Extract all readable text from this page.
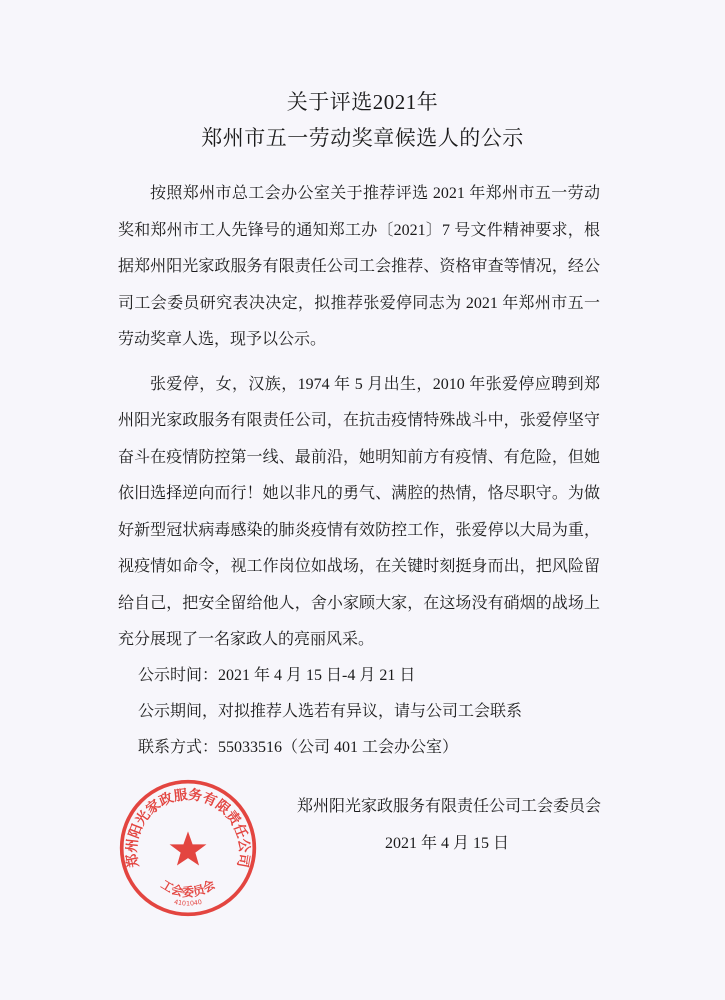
关于评选2021年
郑州市五一劳动奖章候选人的公示
按照郑州市总工会办公室关于推荐评选 2021 年郑州市五一劳动
奖和郑州市工人先锋号的通知郑工办〔2021〕7 号文件精神要求，根
据郑州阳光家政服务有限责任公司工会推荐、资格审查等情况，经公
司工会委员研究表决决定，拟推荐张爱停同志为 2021 年郑州市五一
劳动奖章人选，现予以公示。
张爱停，女，汉族，1974 年 5 月出生，2010 年张爱停应聘到郑
州阳光家政服务有限责任公司，在抗击疫情特殊战斗中，张爱停坚守
奋斗在疫情防控第一线、最前沿，她明知前方有疫情、有危险，但她
依旧选择逆向而行！她以非凡的勇气、满腔的热情，恪尽职守。为做
好新型冠状病毒感染的肺炎疫情有效防控工作，张爱停以大局为重，
视疫情如命令，视工作岗位如战场，在关键时刻挺身而出，把风险留
给自己，把安全留给他人，舍小家顾大家，在这场没有硝烟的战场上
充分展现了一名家政人的亮丽风采。
公示时间：2021 年 4 月 15 日-4 月 21 日
公示期间，对拟推荐人选若有异议，请与公司工会联系
联系方式：55033516（公司 401 工会办公室）
郑州阳光家政服务有限责任公司工会委员会
2021 年 4 月 15 日
郑州阳光家政服务有限责任公司
工会委员会
4101040
